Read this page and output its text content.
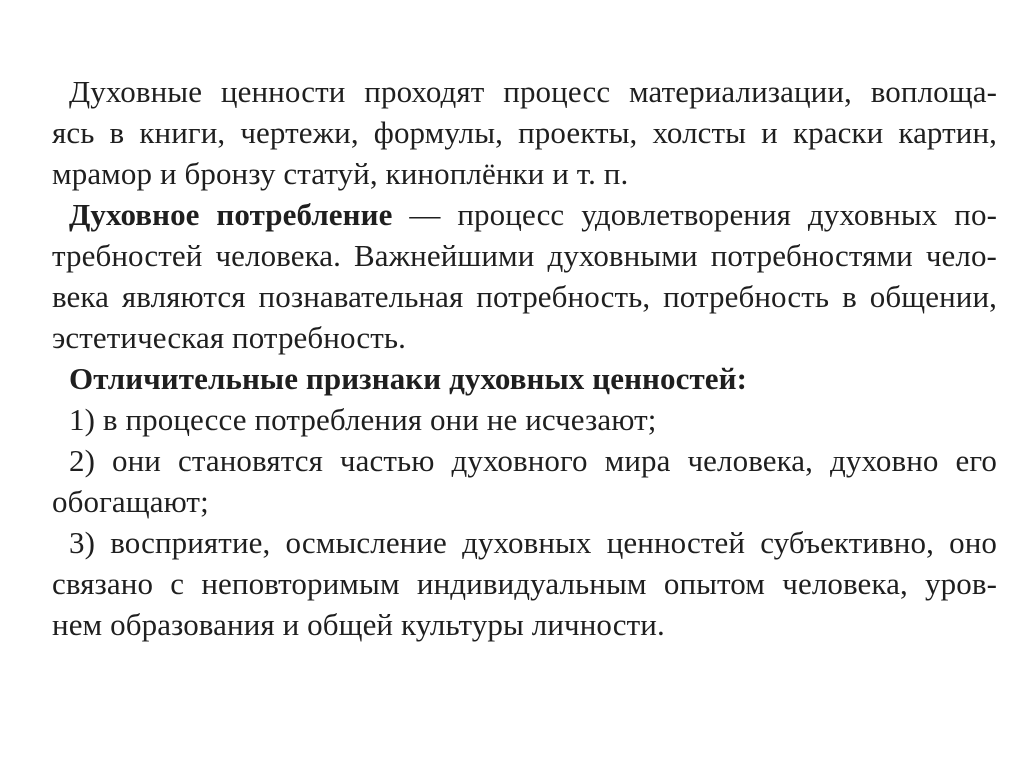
Духовные ценности проходят процесс материализации, воплоща-
ясь в книги, чертежи, формулы, проекты, холсты и краски картин,
мрамор и бронзу статуй, киноплёнки и т. п.
Духовное потребление — процесс удовлетворения духовных по-
требностей человека. Важнейшими духовными потребностями чело-
века являются познавательная потребность, потребность в общении,
эстетическая потребность.
Отличительные признаки духовных ценностей:
1) в процессе потребления они не исчезают;
2) они становятся частью духовного мира человека, духовно его
обогащают;
3) восприятие, осмысление духовных ценностей субъективно, оно
связано с неповторимым индивидуальным опытом человека, уров-
нем образования и общей культуры личности.
